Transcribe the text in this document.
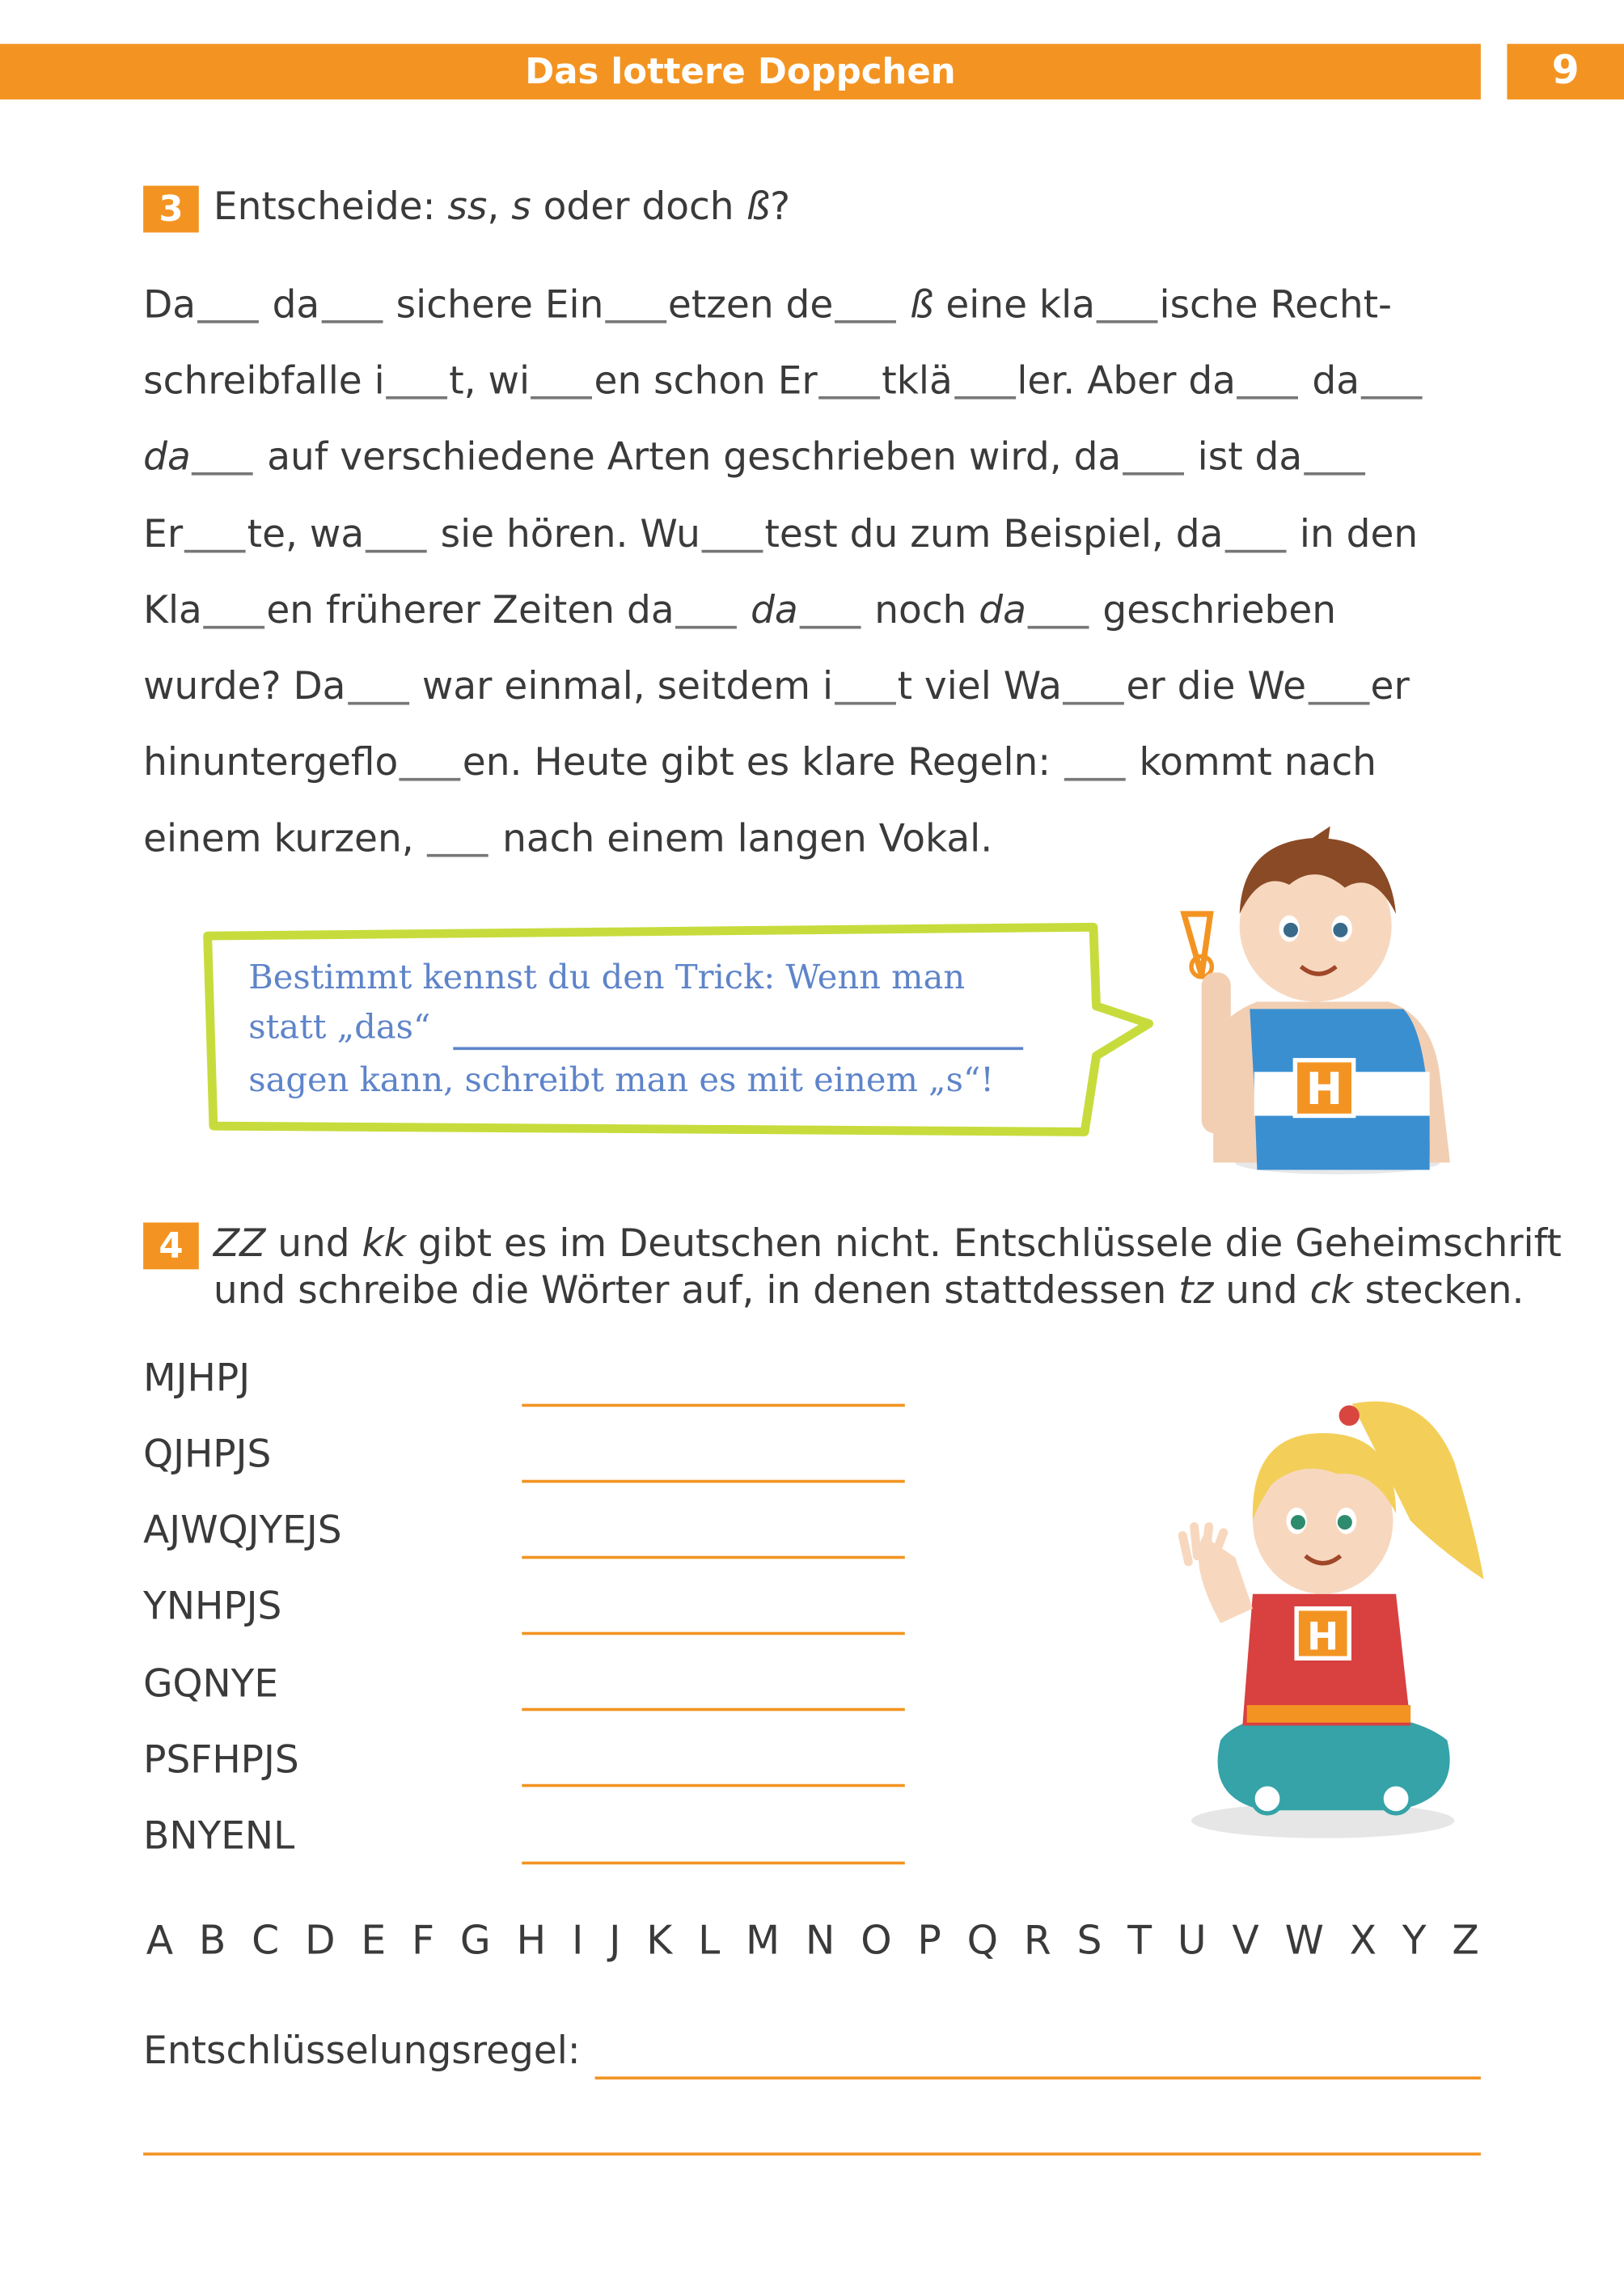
Das lottere Doppchen	9
3	Entscheide: ss, s oder doch ß?
Da	da	sichere Ein	etzen de	ß eine kla	ische Recht-
schreibfalle i	t, wi	en schon Er	tklä	ler. Aber da	da
da	auf verschiedene Arten geschrieben wird, da	ist da
Er	te, wa	sie hören. Wu	test du zum Beispiel, da	in den
Kla	en früherer Zeiten da	da	noch da	geschrieben
wurde? Da	war einmal, seitdem i	t viel Wa	er die We	er
hinuntergeflo	en. Heute gibt es klare Regeln:	kommt nach
einem kurzen,	nach einem langen Vokal.
Bestimmt kennst du den Trick: Wenn man
statt „das“
sagen kann, schreibt man es mit einem „s“!	H
4	ZZ und kk gibt es im Deutschen nicht. Entschlüssele die Geheimschrift
und schreibe die Wörter auf, in denen stattdessen tz und ck stecken.
MJHPJ
QJHPJS
AJWQJYEJS
YNHPJS
GQNYE
PSFHPJS
BNYENL
H
A B C D E F G H I J K L M N O P Q R S T U V W X Y Z
Entschlüsselungsregel:
